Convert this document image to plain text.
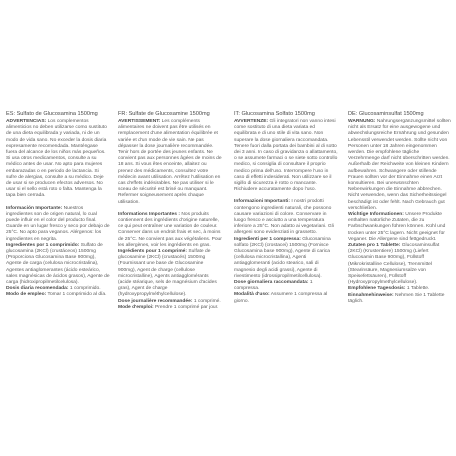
ES: Sulfato de Glucosamina 1500mg

ADVERTENCIAS: Los complementos alimenticios no deben utilizarse como sustituto de una dieta equilibrada y variada, ni de un modo de vida sano. No exceder la dosis diaria expresamente recomendada. Manténgase fuera del alcance de los niños más pequeños. Si usa otros medicamentos, consulte a su médico antes de usar. No apto para mujeres embarazadas o en periodo de lactancia. Si sufre de alergias, consulte a su médico. Deje de usar si se producen efectos adversos. No usar si el sello está roto o falta. Mantenga la tapa bien cerrada.

Información Importante: Nuestros ingredientes son de origen natural, lo cual puede influir en el color del producto final. Guarde en un lugar fresco y seco por debajo de 25°C. No apto para veganos. Alérgenos: los ingredientes en negrita.

Ingredientes por 1 comprimido: Sulfato de glucosamina (2KCl) (crustáceos) 1500mg (Proporciona Glucosamina Base 900mg), Agente de carga (celulosa microcristalina), Agentes antiaglomerantes (ácido esteárico, sales magnésicas de ácidos grasos), Agente de carga (hidroxipropilmetilcelulosa).

Dosis diaria recomendada: 1 comprimido.

Modo de empleo: Tomar 1 comprimido al día.

FR: Sulfate de Glucosamine 1500mg

AVERTISSEMENT: Les compléments alimentaires ne doivent pas être utilisés en remplacement d'une alimentation équilibrée et variée et d'un mode de vie sain. Ne pas dépasser la dose journalière recommandée. Tenir hors de portée des jeunes enfants. Ne convient pas aux personnes âgées de moins de 18 ans. Si vous êtes enceinte, allaitez ou prenez des médicaments, consultez votre médecin avant utilisation. Arrêtez l'utilisation en cas d'effets indésirables. Ne pas utiliser si le sceau de sécurité est brisé ou manquant. Refermer soigneusement après chaque utilisation.

Informations Importantes : Nos produits contiennent des ingrédients d'origine naturelle, ce qui peut entraîner une variation de couleur. Conserver dans un endroit frais et sec, à moins de 25°C. Ne convient pas aux végétaliens. Pour les allergènes, voir les ingrédients en gras.

Ingrédients pour 1 comprimé: Sulfate de glucosamine (2KCl) (crustacés) 1500mg (Fournissant une base de Glucosamine 900mg), Agent de charge (cellulose microcristalline), Agents antiagglomérants (acide stéarique, sels de magnésium d'acides gras), Agent de charge (hydroxypropylméthylcellulose).

Dose journalière recommandée: 1 comprimé.

Mode d'emploi: Prendre 1 comprimé par jour.

IT: Glucosamina Solfato 1500mg

AVVERTENZE: Gli integratori non vanno intesi come sostituto di una dieta variata ed equilibrata e di uno stile di vita sano. Non superare la dose giornaliera raccomandata. Tenere fuori dalla portata dei bambini al di sotto dei 3 anni. In caso di gravidanza o allattamento, o se assumete farmaci o se siete sotto controllo medico, si consiglia di consultare il proprio medico prima dell'uso. Interrompere l'uso in caso di effetti indesiderati. Non utilizzare se il sigillo di sicurezza è rotto o mancante. Richiudere accuratamente dopo l'uso.

Informazioni Importanti: I nostri prodotti contengono ingredienti naturali, che possono causare variazioni di colore. Conservare in luogo fresco e asciutto a una temperatura inferiore a 25°C. Non adatto ai vegetariani. Gli allergeni sono evidenziati in grassetto.

Ingredienti per 1 compressa: Glucosamina solfato (2KCl) (crostacei) 1500mg (Fornisce Glucosamina base 900mg), Agente di carica (cellulosa microcristallina), Agenti antiagglomeranti (acido stearico, sali di magnesio degli acidi grassi), Agente di rivestimento (idrossipropilmetilcellulosa).

Dose giornaliera raccomandata: 1 compressa.

Modalità d'uso: Assumere 1 compressa al giorno.

DE: Glucosaminsulfat 1500mg

WARNUNG: Nahrungsergänzungsmittel sollten nicht als Ersatz für eine ausgewogene und abwechslungsreiche Ernährung und gesunden Lebensstil verwendet werden. Sollte nicht von Personen unter 18 Jahren eingenommen werden. Die empfohlene tägliche Verzehrmenge darf nicht überschritten werden. Außerhalb der Reichweite von kleinen Kindern aufbewahren. Schwangere oder stillende Frauen sollten vor der Einnahme einen Arzt konsultieren. Bei unerwünschten Nebenwirkungen die Einnahme abbrechen. Nicht verwenden, wenn das Sicherheitssiegel beschädigt ist oder fehlt. Nach Gebrauch gut verschließen.

Wichtige Informationen: Unsere Produkte enthalten natürliche Zutaten, die zu Farbschwankungen führen können. Kühl und trocken unter 25°C lagern. Nicht geeignet für Veganer. Die Allergene sind fettgedruckt.

Zutaten pro 1 Tablette: Glucosaminsulfat (2KCl) (Krustentiere) 1500mg (Liefert Glucosamin Base 900mg), Füllstoff (Mikrokristalline Cellulose), Trennmittel (Stearinsäure, Magnesiumsalze von Speisefettsäuren), Füllstoff (Hydroxypropylmethylcellulose).

Empfohlene Tagesdosis: 1 Tablette.

Einnahmehinweise: Nehmen Sie 1 Tablette täglich.
